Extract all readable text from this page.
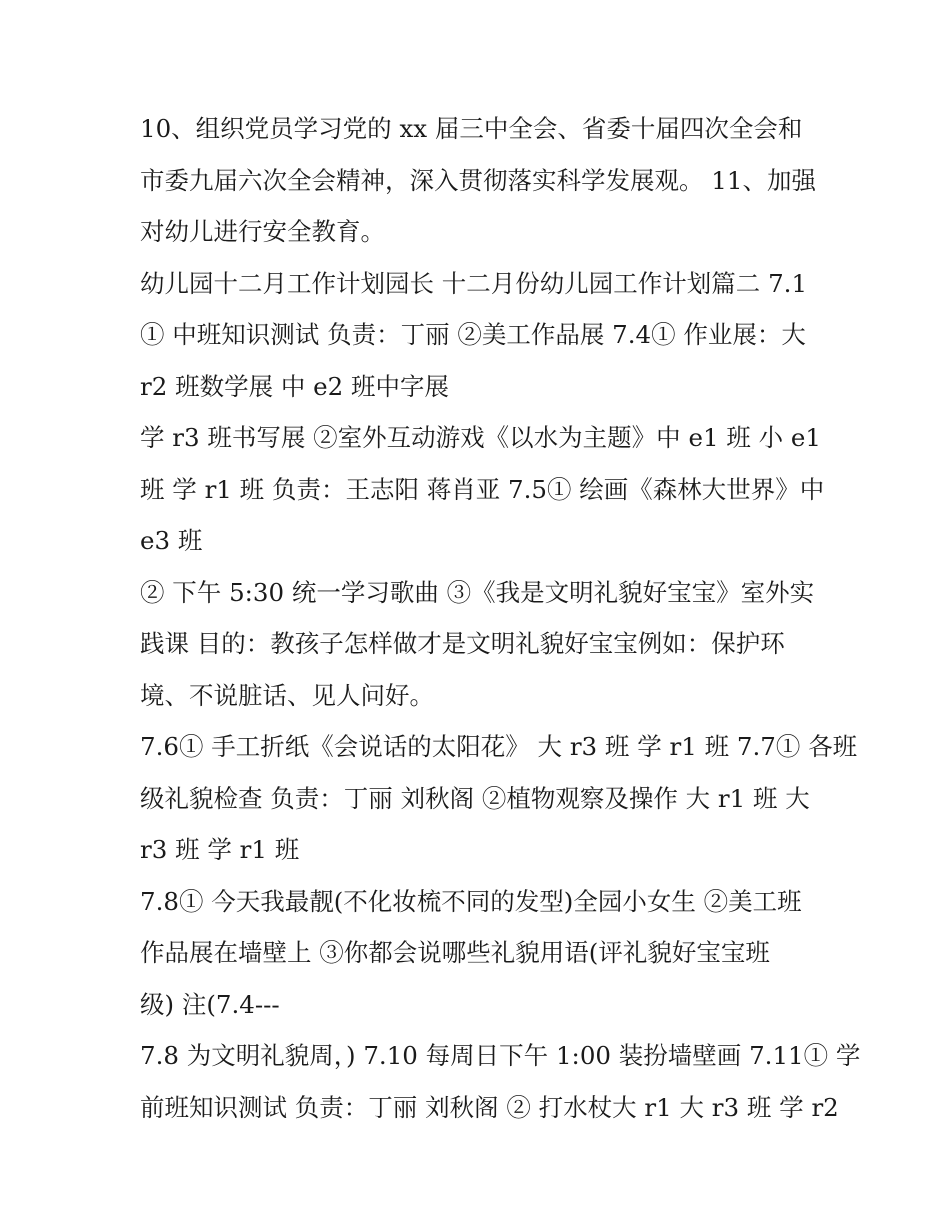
10、组织党员学习党的 xx 届三中全会、省委十届四次全会和
市委九届六次全会精神，深入贯彻落实科学发展观。 11、加强
对幼儿进行安全教育。
幼儿园十二月工作计划园长 十二月份幼儿园工作计划篇二 7.1
① 中班知识测试 负责：丁丽 ②美工作品展 7.4① 作业展：大
r2 班数学展 中 e2 班中字展
学 r3 班书写展 ②室外互动游戏《以水为主题》中 e1 班 小 e1
班 学 r1 班 负责：王志阳 蒋肖亚 7.5① 绘画《森林大世界》中
e3 班
② 下午 5:30 统一学习歌曲 ③《我是文明礼貌好宝宝》室外实
践课 目的：教孩子怎样做才是文明礼貌好宝宝例如：保护环
境、不说脏话、见人问好。
7.6① 手工折纸《会说话的太阳花》 大 r3 班 学 r1 班 7.7① 各班
级礼貌检查 负责：丁丽 刘秋阁 ②植物观察及操作 大 r1 班 大
r3 班 学 r1 班
7.8① 今天我最靓(不化妆梳不同的发型)全园小女生 ②美工班
作品展在墙壁上 ③你都会说哪些礼貌用语(评礼貌好宝宝班
级) 注(7.4---
7.8 为文明礼貌周，) 7.10 每周日下午 1:00 装扮墙壁画 7.11① 学
前班知识测试 负责：丁丽 刘秋阁 ② 打水杖大 r1 大 r3 班 学 r2
